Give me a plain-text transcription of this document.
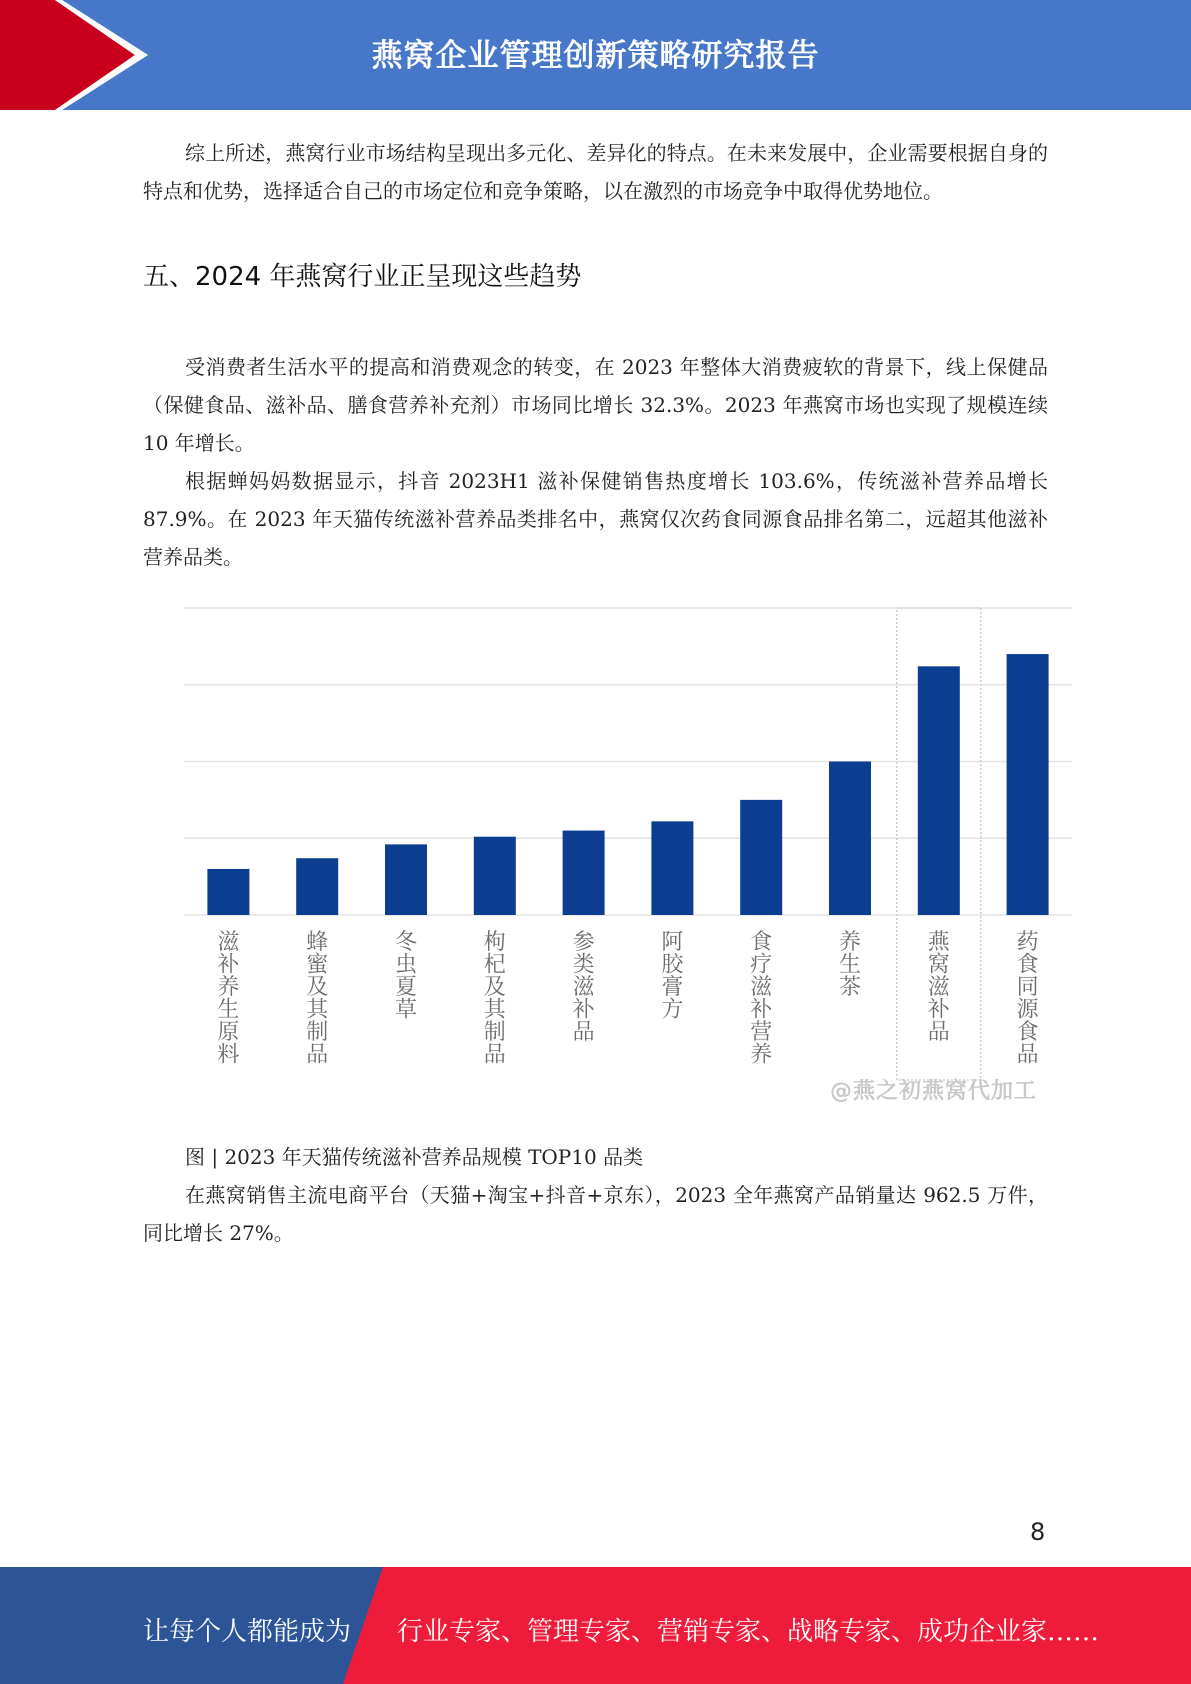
燕窝企业管理创新策略研究报告

综上所述，燕窝行业市场结构呈现出多元化、差异化的特点。在未来发展中，企业需要根据自身的特点和优势，选择适合自己的市场定位和竞争策略，以在激烈的市场竞争中取得优势地位。

五、2024 年燕窝行业正呈现这些趋势

受消费者生活水平的提高和消费观念的转变，在 2023 年整体大消费疲软的背景下，线上保健品（保健食品、滋补品、膳食营养补充剂）市场同比增长 32.3%。2023 年燕窝市场也实现了规模连续 10 年增长。

根据蝉妈妈数据显示，抖音 2023H1 滋补保健销售热度增长 103.6%，传统滋补营养品增长 87.9%。在 2023 年天猫传统滋补营养品类排名中，燕窝仅次药食同源食品排名第二，远超其他滋补营养品类。

滋补养生原料
蜂蜜及其制品
冬虫夏草
枸杞及其制品
参类滋补品
阿胶膏方
食疗滋补营养
养生茶
燕窝滋补品
药食同源食品
@燕之初燕窝代加工

图 | 2023 年天猫传统滋补营养品规模 TOP10 品类

在燕窝销售主流电商平台（天猫+淘宝+抖音+京东），2023 全年燕窝产品销量达 962.5 万件，同比增长 27%。

8
让每个人都能成为 行业专家、管理专家、营销专家、战略专家、成功企业家……
